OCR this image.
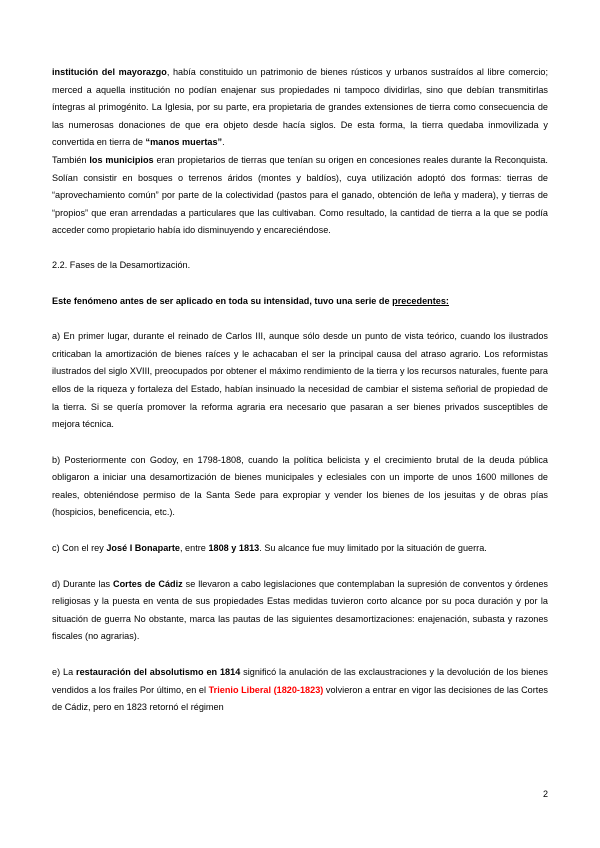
institución del mayorazgo, había constituido un patrimonio de bienes rústicos y urbanos sustraídos al libre comercio; merced a aquella institución no podían enajenar sus propiedades ni tampoco dividirlas, sino que debían transmitirlas íntegras al primogénito. La Iglesia, por su parte, era propietaria de grandes extensiones de tierra como consecuencia de las numerosas donaciones de que era objeto desde hacía siglos. De esta forma, la tierra quedaba inmovilizada y convertida en tierra de “manos muertas”.

También los municipios eran propietarios de tierras que tenían su origen en concesiones reales durante la Reconquista. Solían consistir en bosques o terrenos áridos (montes y baldíos), cuya utilización adoptó dos formas: tierras de “aprovechamiento común” por parte de la colectividad (pastos para el ganado, obtención de leña y madera), y tierras de “propios” que eran arrendadas a particulares que las cultivaban. Como resultado, la cantidad de tierra a la que se podía acceder como propietario había ido disminuyendo y encareciéndose.

2.2. Fases de la Desamortización.

Este fenómeno antes de ser aplicado en toda su intensidad, tuvo una serie de precedentes:

a) En primer lugar, durante el reinado de Carlos III, aunque sólo desde un punto de vista teórico, cuando los ilustrados criticaban la amortización de bienes raíces y le achacaban el ser la principal causa del atraso agrario. Los reformistas ilustrados del siglo XVIII, preocupados por obtener el máximo rendimiento de la tierra y los recursos naturales, fuente para ellos de la riqueza y fortaleza del Estado, habían insinuado la necesidad de cambiar el sistema señorial de propiedad de la tierra. Si se quería promover la reforma agraria era necesario que pasaran a ser bienes privados susceptibles de mejora técnica.

b) Posteriormente con Godoy, en 1798-1808, cuando la política belicista y el crecimiento brutal de la deuda pública obligaron a iniciar una desamortización de bienes municipales y eclesiales con un importe de unos 1600 millones de reales, obteniéndose permiso de la Santa Sede para expropiar y vender los bienes de los jesuitas y de obras pías (hospicios, beneficencia, etc.).

c) Con el rey José I Bonaparte, entre 1808 y 1813. Su alcance fue muy limitado por la situación de guerra.

d) Durante las Cortes de Cádiz se llevaron a cabo legislaciones que contemplaban la supresión de conventos y órdenes religiosas y la puesta en venta de sus propiedades Estas medidas tuvieron corto alcance por su poca duración y por la situación de guerra No obstante, marca las pautas de las siguientes desamortizaciones: enajenación, subasta y razones fiscales (no agrarias).

e) La restauración del absolutismo en 1814 significó la anulación de las exclaustraciones y la devolución de los bienes vendidos a los frailes Por último, en el Trienio Liberal (1820-1823) volvieron a entrar en vigor las decisiones de las Cortes de Cádiz, pero en 1823 retornó el régimen

2
